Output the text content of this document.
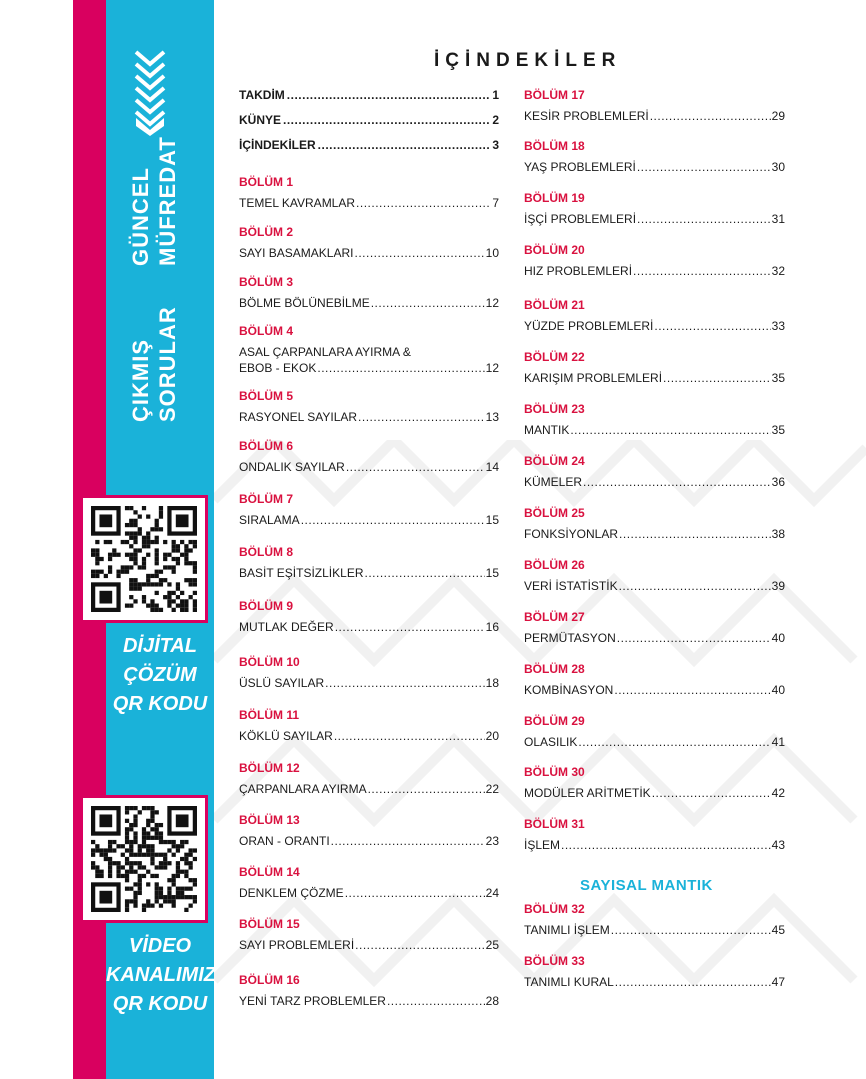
GÜNCEL MÜFREDAT
ÇIKMIŞ SORULAR
DİJİTAL
ÇÖZÜM
QR KODU
VİDEO
KANALIMIZ
QR KODU
İÇİNDEKİLER
TAKDİM .....	1
KÜNYE .....	2
İÇİNDEKİLER .....	3
BÖLÜM 1
TEMEL KAVRAMLAR .....	7
BÖLÜM 2
SAYI BASAMAKLARI .....	10
BÖLÜM 3
BÖLME BÖLÜNEBİLME .....	12
BÖLÜM 4
ASAL ÇARPANLARA AYIRMA &
EBOB - EKOK .....	12
BÖLÜM 5
RASYONEL SAYILAR .....	13
BÖLÜM 6
ONDALIK SAYILAR .....	14
BÖLÜM 7
SIRALAMA .....	15
BÖLÜM 8
BASİT EŞİTSİZLİKLER .....	15
BÖLÜM 9
MUTLAK DEĞER .....	16
BÖLÜM 10
ÜSLÜ SAYILAR .....	18
BÖLÜM 11
KÖKLÜ SAYILAR .....	20
BÖLÜM 12
ÇARPANLARA AYIRMA .....	22
BÖLÜM 13
ORAN - ORANTI .....	23
BÖLÜM 14
DENKLEM ÇÖZME .....	24
BÖLÜM 15
SAYI PROBLEMLERİ .....	25
BÖLÜM 16
YENİ TARZ PROBLEMLER .....	28
BÖLÜM 17
KESİR PROBLEMLERİ .....	29
BÖLÜM 18
YAŞ PROBLEMLERİ .....	30
BÖLÜM 19
İŞÇİ PROBLEMLERİ .....	31
BÖLÜM 20
HIZ PROBLEMLERİ .....	32
BÖLÜM 21
YÜZDE PROBLEMLERİ .....	33
BÖLÜM 22
KARIŞIM PROBLEMLERİ .....	35
BÖLÜM 23
MANTIK .....	35
BÖLÜM 24
KÜMELER .....	36
BÖLÜM 25
FONKSİYONLAR .....	38
BÖLÜM 26
VERİ İSTATİSTİK .....	39
BÖLÜM 27
PERMÜTASYON .....	40
BÖLÜM 28
KOMBİNASYON .....	40
BÖLÜM 29
OLASILIK .....	41
BÖLÜM 30
MODÜLER ARİTMETİK .....	42
BÖLÜM 31
İŞLEM .....	43
BÖLÜM 32
TANIMLI İŞLEM .....	45
BÖLÜM 33
TANIMLI KURAL .....	47
SAYISAL MANTIK
